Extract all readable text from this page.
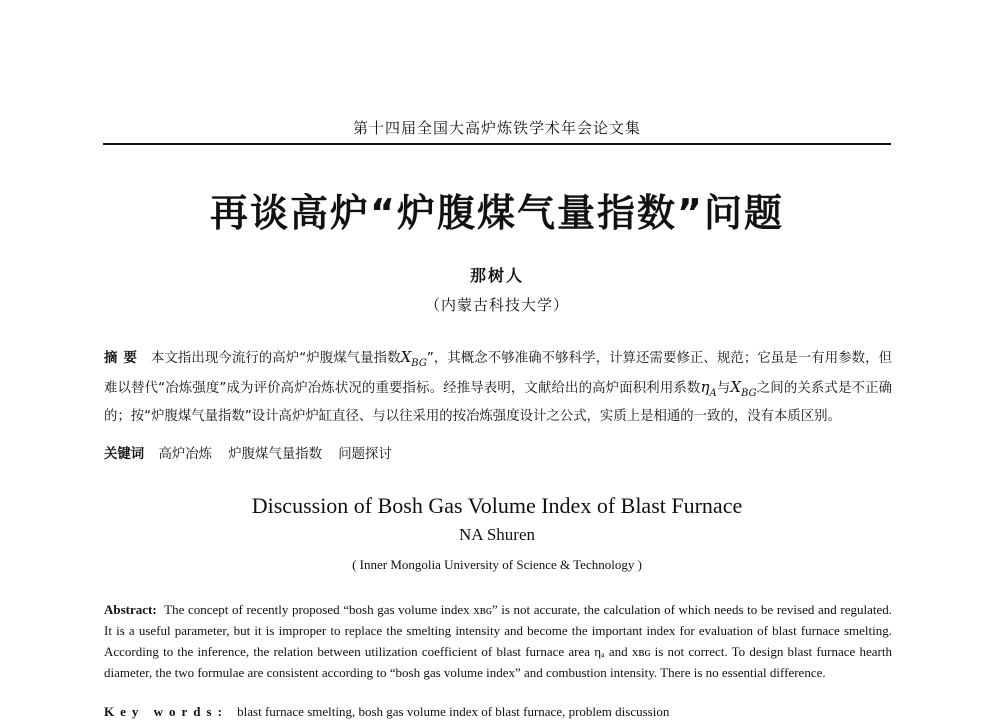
第十四届全国大高炉炼铁学术年会论文集
再谈高炉“炉腹煤气量指数”问题
那树人
（内蒙古科技大学）
摘要 本文指出现今流行的高炉“炉腹煤气量指数$X_{BG}$”，其概念不够准确不够科学，计算还需要修正、规范；它虽是一有用参数，但难以替代“冶炼强度”成为评价高炉冶炼状况的重要指标。经推导表明，文献给出的高炉面积利用系数$\eta_A$与$X_{BG}$之间的关系式是不正确的；按“炉腹煤气量指数”设计高炉炉缸直径、与以往采用的按冶炼强度设计之公式，实质上是相通的一致的，没有本质区别。
关键词 高炉冶炼 炉腹煤气量指数 问题探讨
Discussion of Bosh Gas Volume Index of Blast Furnace
NA Shuren
( Inner Mongolia University of Science & Technology )
Abstract: The concept of recently proposed “bosh gas volume index xʙɢ” is not accurate, the calculation of which needs to be revised and regulated. It is a useful parameter, but it is improper to replace the smelting intensity and become the important index for evaluation of blast furnace smelting. According to the inference, the relation between utilization coefficient of blast furnace area ηₐ and xʙɢ is not correct. To design blast furnace hearth diameter, the two formulae are consistent according to “bosh gas volume index” and combustion intensity. There is no essential difference.
Key words: blast furnace smelting, bosh gas volume index of blast furnace, problem discussion
